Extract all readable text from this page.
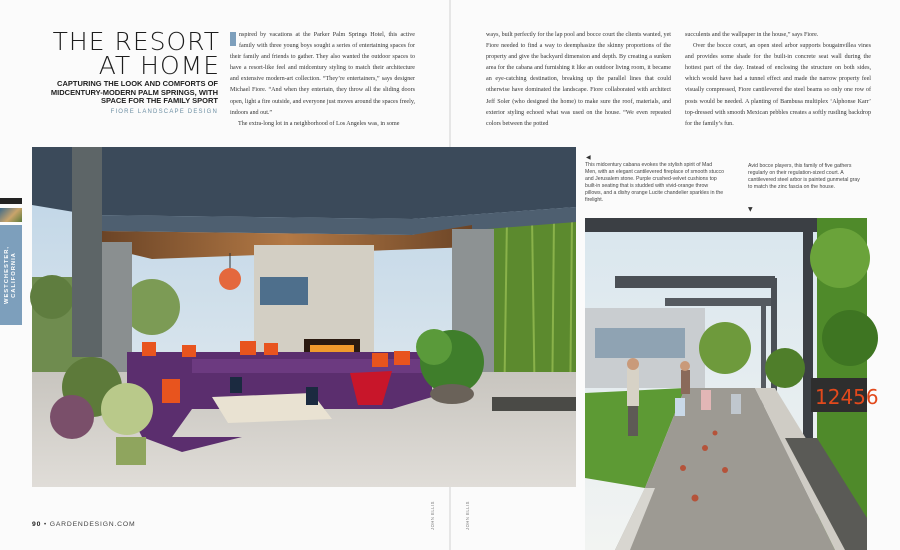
WESTCHESTER, CALIFORNIA
THE RESORT
AT HOME
CAPTURING THE LOOK AND COMFORTS OF MIDCENTURY-MODERN PALM SPRINGS, WITH SPACE FOR THE FAMILY SPORT
FIORE LANDSCAPE DESIGN

nspired by vacations at the Parker Palm Springs Hotel, this active family with three young boys sought a series of entertaining spaces for their family and friends to gather. They also wanted the outdoor spaces to have a resort-like feel and midcentury styling to match their architecture and extensive modern-art collection. “They’re entertainers,” says designer Michael Fiore. “And when they entertain, they throw all the sliding doors open, light a fire outside, and everyone just moves around the spaces freely, indoors and out.”

The extra-long lot in a neighborhood of Los Angeles was, in some

ways, built perfectly for the lap pool and bocce court the clients wanted, yet Fiore needed to find a way to deemphasize the skinny proportions of the property and give the backyard dimension and depth. By creating a sunken area for the cabana and furnishing it like an outdoor living room, it became an eye-catching destination, breaking up the parallel lines that could otherwise have dominated the landscape. Fiore collaborated with architect Jeff Soler (who designed the home) to make sure the roof, materials, and exterior styling echoed what was used on the house. “We even repeated colors between the potted

succulents and the wallpaper in the house,” says Fiore.

Over the bocce court, an open steel arbor supports bougainvillea vines and provides some shade for the built-in concrete seat wall during the hottest part of the day. Instead of enclosing the structure on both sides, which would have had a tunnel effect and made the narrow property feel visually compressed, Fiore cantilevered the steel beams so only one row of posts would be needed. A planting of Bambusa multiplex ‘Alphonse Karr’ top-dressed with smooth Mexican pebbles creates a softly rustling backdrop for the family’s fun.

◀
This midcentury cabana evokes the stylish spirit of Mad Men, with an elegant cantilevered fireplace of smooth stucco and Jerusalem stone. Purple crushed-velvet cushions top built-in seating that is studded with vivid-orange throw pillows, and a dishy orange Lucite chandelier sparkles in the firelight.
Avid bocce players, this family of five gathers regularly on their regulation-sized court. A cantilevered steel arbor is painted gunmetal gray to match the zinc fascia on the house.
▼
12456
90 • GARDENDESIGN.COM	JOHN ELLIS	JOHN ELLIS
